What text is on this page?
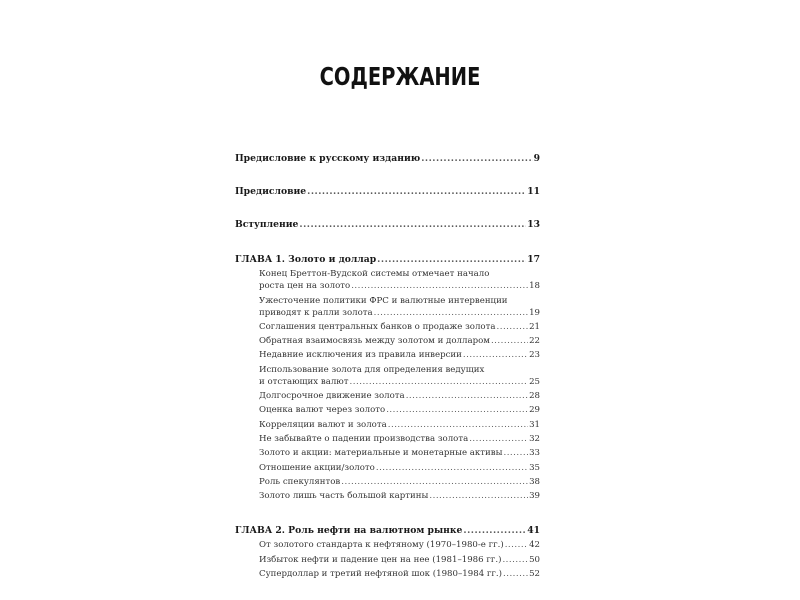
СОДЕРЖАНИЕ
Предисловие к русскому изданию .....	9
Предисловие .....	11
Вступление .....	13
ГЛАВА 1. Золото и доллар .....	17
Конец Бреттон-Вудской системы отмечает начало
роста цен на золото .....	18
Ужесточение политики ФРС и валютные интервенции
приводят к ралли золота .....	19
Соглашения центральных банков о продаже золота .....	21
Обратная взаимосвязь между золотом и долларом .....	22
Недавние исключения из правила инверсии .....	23
Использование золота для определения ведущих
и отстающих валют .....	25
Долгосрочное движение золота .....	28
Оценка валют через золото .....	29
Корреляции валют и золота .....	31
Не забывайте о падении производства золота .....	32
Золото и акции: материальные и монетарные активы .....	33
Отношение акции/золото .....	35
Роль спекулянтов .....	38
Золото лишь часть большой картины .....	39
ГЛАВА 2. Роль нефти на валютном рынке .....	41
От золотого стандарта к нефтяному (1970–1980-е гг.) .....	42
Избыток нефти и падение цен на нее (1981–1986 гг.) .....	50
Супердоллар и третий нефтяной шок (1980–1984 гг.) .....	52
